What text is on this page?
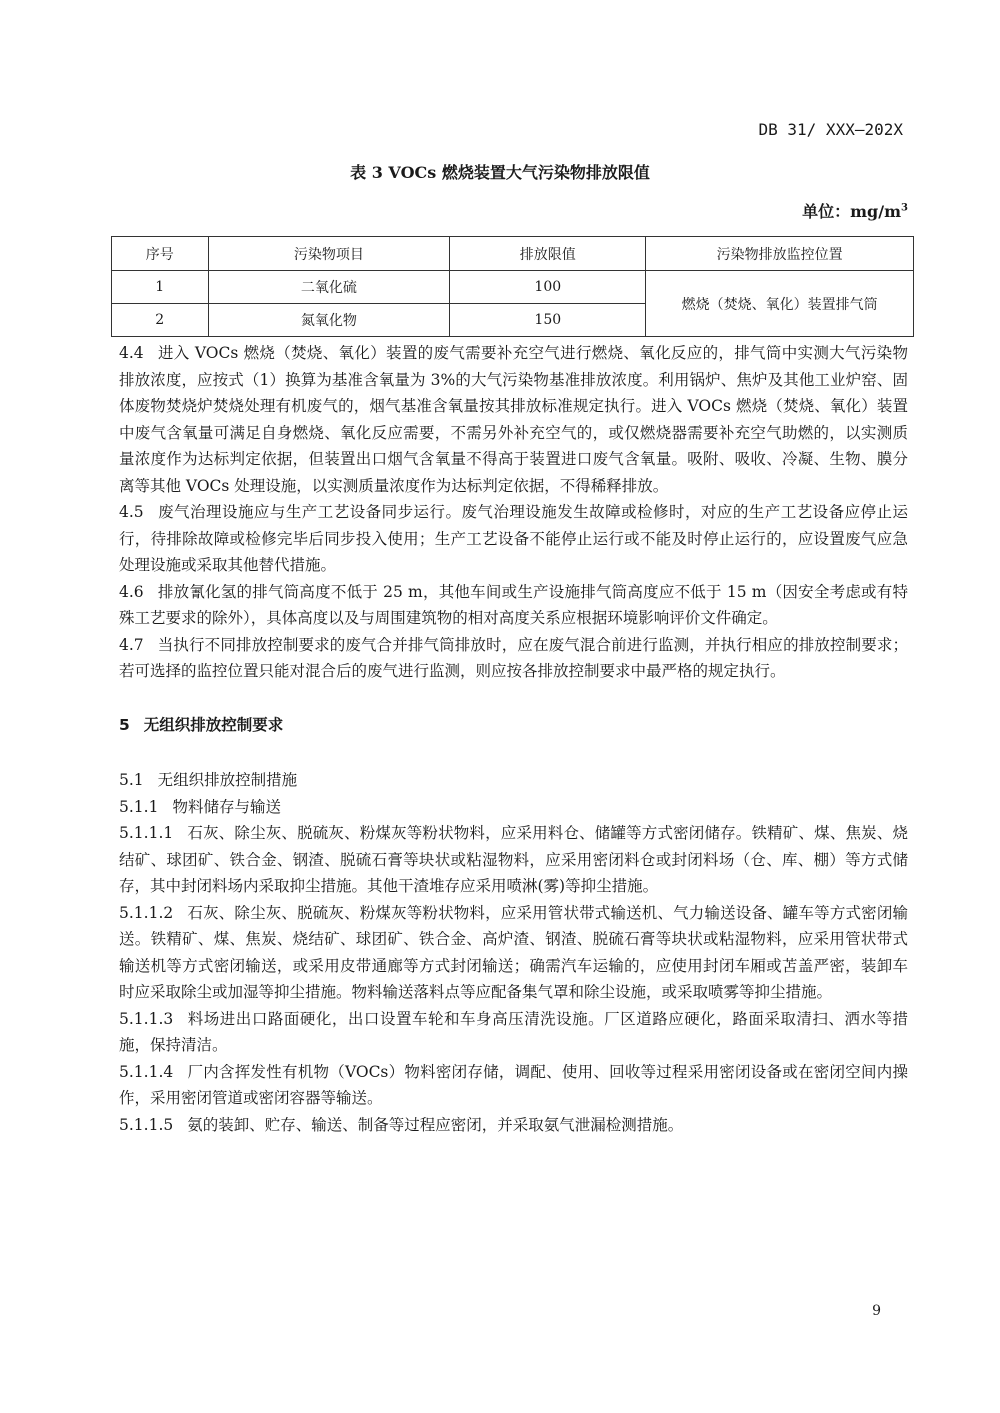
DB 31/ XXX—202X
表 3 VOCs 燃烧装置大气污染物排放限值
单位：$mg/m^3$
序号	污染物项目	排放限值	污染物排放监控位置
1	二氧化硫	100	燃烧（焚烧、氧化）装置排气筒
2	氮氧化物	150	

4.4 进入 VOCs 燃烧（焚烧、氧化）装置的废气需要补充空气进行燃烧、氧化反应的，排气筒中实测大气污染物排放浓度，应按式（1）换算为基准含氧量为 3%的大气污染物基准排放浓度。利用锅炉、焦炉及其他工业炉窑、固体废物焚烧炉焚烧处理有机废气的，烟气基准含氧量按其排放标准规定执行。进入 VOCs 燃烧（焚烧、氧化）装置中废气含氧量可满足自身燃烧、氧化反应需要，不需另外补充空气的，或仅燃烧器需要补充空气助燃的，以实测质量浓度作为达标判定依据，但装置出口烟气含氧量不得高于装置进口废气含氧量。吸附、吸收、冷凝、生物、膜分离等其他 VOCs 处理设施，以实测质量浓度作为达标判定依据，不得稀释排放。

4.5 废气治理设施应与生产工艺设备同步运行。废气治理设施发生故障或检修时，对应的生产工艺设备应停止运行，待排除故障或检修完毕后同步投入使用；生产工艺设备不能停止运行或不能及时停止运行的，应设置废气应急处理设施或采取其他替代措施。

4.6 排放氰化氢的排气筒高度不低于 25 m，其他车间或生产设施排气筒高度应不低于 15 m（因安全考虑或有特殊工艺要求的除外），具体高度以及与周围建筑物的相对高度关系应根据环境影响评价文件确定。

4.7 当执行不同排放控制要求的废气合并排气筒排放时，应在废气混合前进行监测，并执行相应的排放控制要求；若可选择的监控位置只能对混合后的废气进行监测，则应按各排放控制要求中最严格的规定执行。

5 无组织排放控制要求

5.1 无组织排放控制措施

5.1.1 物料储存与输送

5.1.1.1 石灰、除尘灰、脱硫灰、粉煤灰等粉状物料，应采用料仓、储罐等方式密闭储存。铁精矿、煤、焦炭、烧结矿、球团矿、铁合金、钢渣、脱硫石膏等块状或粘湿物料，应采用密闭料仓或封闭料场（仓、库、棚）等方式储存，其中封闭料场内采取抑尘措施。其他干渣堆存应采用喷淋(雾)等抑尘措施。

5.1.1.2 石灰、除尘灰、脱硫灰、粉煤灰等粉状物料，应采用管状带式输送机、气力输送设备、罐车等方式密闭输送。铁精矿、煤、焦炭、烧结矿、球团矿、铁合金、高炉渣、钢渣、脱硫石膏等块状或粘湿物料，应采用管状带式输送机等方式密闭输送，或采用皮带通廊等方式封闭输送；确需汽车运输的，应使用封闭车厢或苫盖严密，装卸车时应采取除尘或加湿等抑尘措施。物料输送落料点等应配备集气罩和除尘设施，或采取喷雾等抑尘措施。

5.1.1.3 料场进出口路面硬化，出口设置车轮和车身高压清洗设施。厂区道路应硬化，路面采取清扫、洒水等措施，保持清洁。

5.1.1.4 厂内含挥发性有机物（VOCs）物料密闭存储，调配、使用、回收等过程采用密闭设备或在密闭空间内操作，采用密闭管道或密闭容器等输送。

5.1.1.5 氨的装卸、贮存、输送、制备等过程应密闭，并采取氨气泄漏检测措施。

9
